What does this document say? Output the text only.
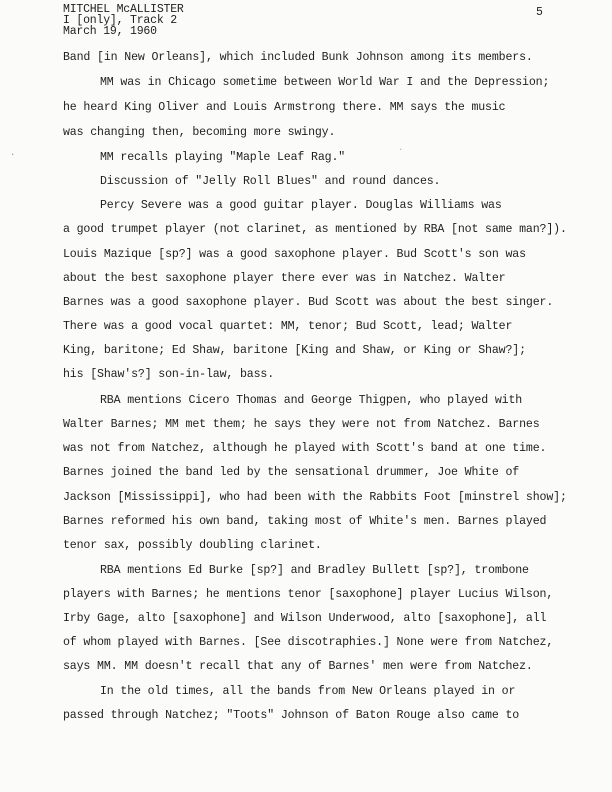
MITCHEL McALLISTER
I [only], Track 2
March 19, 1960
5
·
ˏ
Band [in New Orleans], which included Bunk Johnson among its members.
MM was in Chicago sometime between World War I and the Depression;
he heard King Oliver and Louis Armstrong there. MM says the music
was changing then, becoming more swingy.
MM recalls playing "Maple Leaf Rag."
Discussion of "Jelly Roll Blues" and round dances.
Percy Severe was a good guitar player. Douglas Williams was
a good trumpet player (not clarinet, as mentioned by RBA [not same man?]).
Louis Mazique [sp?] was a good saxophone player. Bud Scott's son was
about the best saxophone player there ever was in Natchez. Walter
Barnes was a good saxophone player. Bud Scott was about the best singer.
There was a good vocal quartet: MM, tenor; Bud Scott, lead; Walter
King, baritone; Ed Shaw, baritone [King and Shaw, or King or Shaw?];
his [Shaw's?] son-in-law, bass.
RBA mentions Cicero Thomas and George Thigpen, who played with
Walter Barnes; MM met them; he says they were not from Natchez. Barnes
was not from Natchez, although he played with Scott's band at one time.
Barnes joined the band led by the sensational drummer, Joe White of
Jackson [Mississippi], who had been with the Rabbits Foot [minstrel show];
Barnes reformed his own band, taking most of White's men. Barnes played
tenor sax, possibly doubling clarinet.
RBA mentions Ed Burke [sp?] and Bradley Bullett [sp?], trombone
players with Barnes; he mentions tenor [saxophone] player Lucius Wilson,
Irby Gage, alto [saxophone] and Wilson Underwood, alto [saxophone], all
of whom played with Barnes. [See discotraphies.] None were from Natchez,
says MM. MM doesn't recall that any of Barnes' men were from Natchez.
In the old times, all the bands from New Orleans played in or
passed through Natchez; "Toots" Johnson of Baton Rouge also came to
